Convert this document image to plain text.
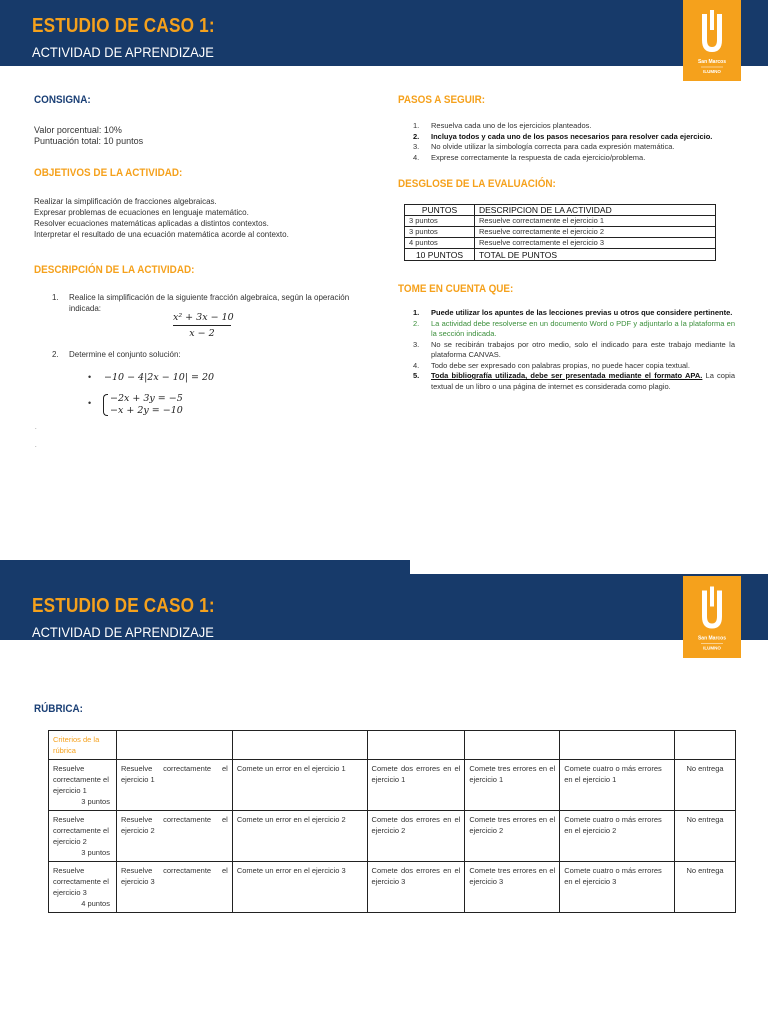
ESTUDIO DE CASO 1:
ACTIVIDAD DE APRENDIZAJE
San Marcos
ILUMNO
CONSIGNA:
Valor porcentual: 10%
Puntuación total: 10 puntos
OBJETIVOS DE LA ACTIVIDAD:
Realizar la simplificación de fracciones algebraicas.
Expresar problemas de ecuaciones en lenguaje matemático.
Resolver ecuaciones matemáticas aplicadas a distintos contextos.
Interpretar el resultado de una ecuación matemática acorde al contexto.
DESCRIPCIÓN DE LA ACTIVIDAD:
1. Realice la simplificación de la siguiente fracción algebraica, según la operación
indicada:
x² + 3x − 10
x − 2
2. Determine el conjunto solución:
• −10 − 4|2x − 10| = 20
• −2x + 3y = −5
−x + 2y = −10
.
.
PASOS A SEGUIR:
1. Resuelva cada uno de los ejercicios planteados.
2. Incluya todos y cada uno de los pasos necesarios para resolver cada ejercicio.
3. No olvide utilizar la simbología correcta para cada expresión matemática.
4. Exprese correctamente la respuesta de cada ejercicio/problema.
DESGLOSE DE LA EVALUACIÓN:
PUNTOS	DESCRIPCION DE LA ACTIVIDAD
3 puntos	Resuelve correctamente el ejercicio 1
3 puntos	Resuelve correctamente el ejercicio 2
4 puntos	Resuelve correctamente el ejercicio 3
10 PUNTOS	TOTAL DE PUNTOS
TOME EN CUENTA QUE:
1. Puede utilizar los apuntes de las lecciones previas u otros que considere pertinente.
2. La actividad debe resolverse en un documento Word o PDF y adjuntarlo a la plataforma en la sección indicada.
3. No se recibirán trabajos por otro medio, solo el indicado para este trabajo mediante la plataforma CANVAS.
4. Todo debe ser expresado con palabras propias, no puede hacer copia textual.
5. Toda bibliografía utilizada, debe ser presentada mediante el formato APA. La copia textual de un libro o una página de internet es considerada como plagio.
ESTUDIO DE CASO 1:
ACTIVIDAD DE APRENDIZAJE	San Marcos
ILUMNO
RÚBRICA:
Criterios de la rúbrica						
Resuelve correctamente el ejercicio 1
3 puntos	Resuelve correctamente el ejercicio 1	Comete un error en el ejercicio 1	Comete dos errores en el ejercicio 1	Comete tres errores en el ejercicio 1	Comete cuatro o más errores en el ejercicio 1	No entrega
Resuelve correctamente el ejercicio 2
3 puntos	Resuelve correctamente el ejercicio 2	Comete un error en el ejercicio 2	Comete dos errores en el ejercicio 2	Comete tres errores en el ejercicio 2	Comete cuatro o más errores en el ejercicio 2	No entrega
Resuelve correctamente el ejercicio 3
4 puntos	Resuelve correctamente el ejercicio 3	Comete un error en el ejercicio 3	Comete dos errores en el ejercicio 3	Comete tres errores en el ejercicio 3	Comete cuatro o más errores en el ejercicio 3	No entrega
